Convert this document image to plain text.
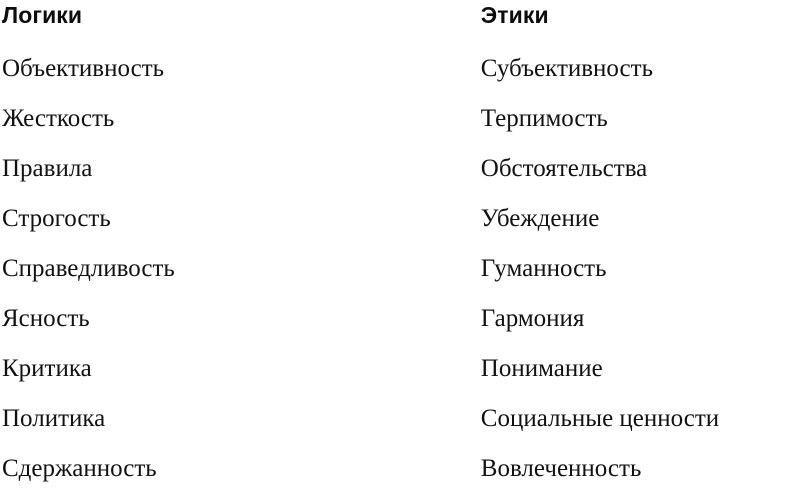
Логики
Объективность
Жесткость
Правила
Строгость
Справедливость
Ясность
Критика
Политика
Сдержанность
Этики
Субъективность
Терпимость
Обстоятельства
Убеждение
Гуманность
Гармония
Понимание
Социальные ценности
Вовлеченность
